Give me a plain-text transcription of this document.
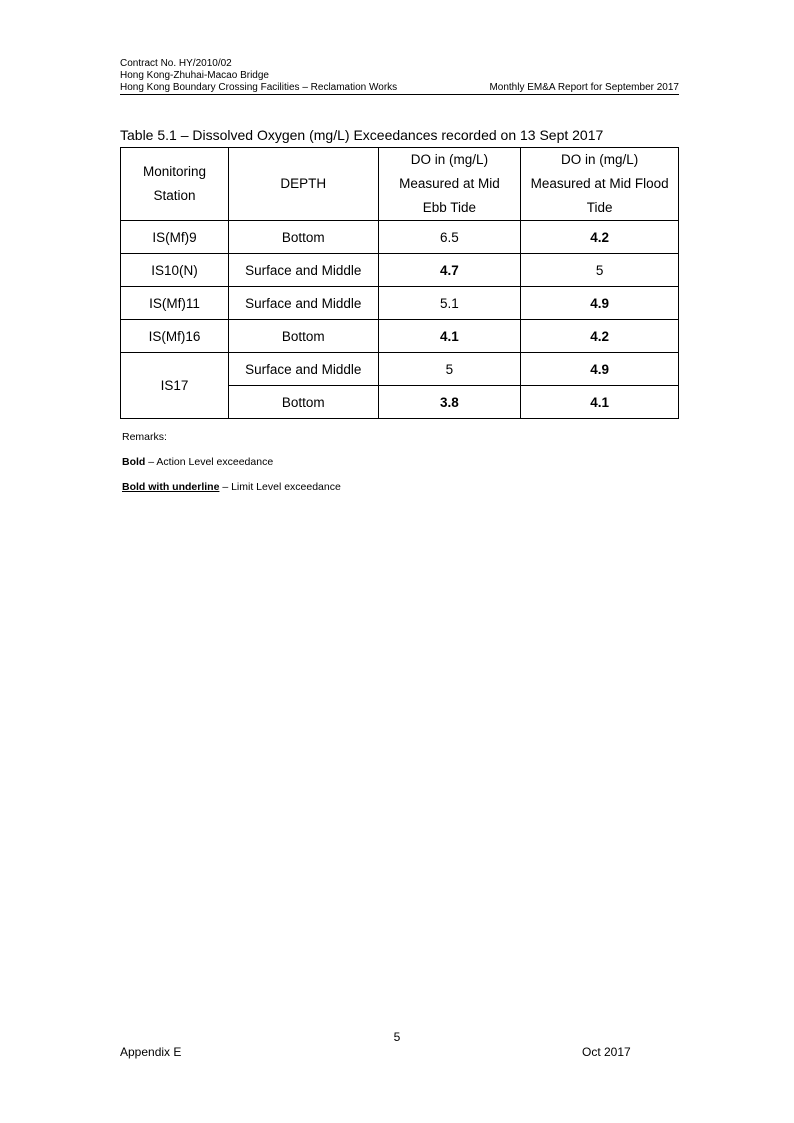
Contract No. HY/2010/02
Hong Kong-Zhuhai-Macao Bridge
Hong Kong Boundary Crossing Facilities – Reclamation Works	Monthly EM&A Report for September 2017
Table 5.1 – Dissolved Oxygen (mg/L) Exceedances recorded on 13 Sept 2017
Monitoring Station	DEPTH	DO in (mg/L) Measured at Mid Ebb Tide	DO in (mg/L) Measured at Mid Flood Tide
IS(Mf)9	Bottom	6.5	4.2
IS10(N)	Surface and Middle	4.7	5
IS(Mf)11	Surface and Middle	5.1	4.9
IS(Mf)16	Bottom	4.1	4.2
IS17	Surface and Middle	5	4.9
	Bottom	3.8	4.1

Remarks:

Bold – Action Level exceedance

Bold with underline – Limit Level exceedance

5
Appendix E	Oct 2017
